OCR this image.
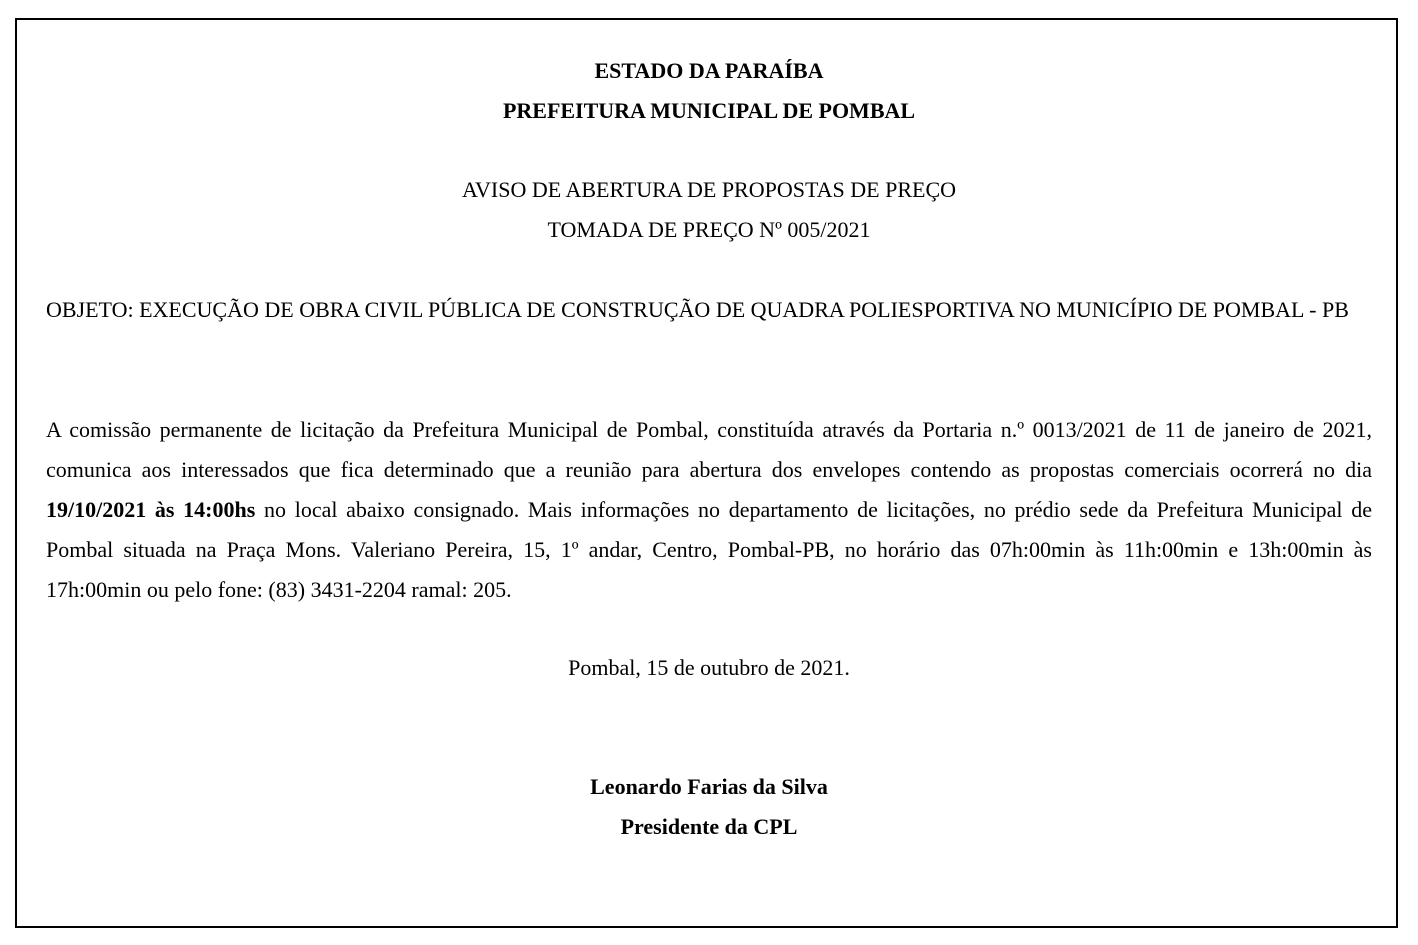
ESTADO DA PARAÍBA
PREFEITURA MUNICIPAL DE POMBAL
AVISO DE ABERTURA DE PROPOSTAS DE PREÇO
TOMADA DE PREÇO Nº 005/2021

OBJETO: EXECUÇÃO DE OBRA CIVIL PÚBLICA DE CONSTRUÇÃO DE QUADRA POLIESPORTIVA NO MUNICÍPIO DE POMBAL - PB

A comissão permanente de licitação da Prefeitura Municipal de Pombal, constituída através da Portaria n.º 0013/2021 de 11 de janeiro de 2021, comunica aos interessados que fica determinado que a reunião para abertura dos envelopes contendo as propostas comerciais ocorrerá no dia 19/10/2021 às 14:00hs no local abaixo consignado. Mais informações no departamento de licitações, no prédio sede da Prefeitura Municipal de Pombal situada na Praça Mons. Valeriano Pereira, 15, 1º andar, Centro, Pombal-PB, no horário das 07h:00min às 11h:00min e 13h:00min às 17h:00min ou pelo fone: (83) 3431-2204 ramal: 205.

Pombal, 15 de outubro de 2021.
Leonardo Farias da Silva
Presidente da CPL
